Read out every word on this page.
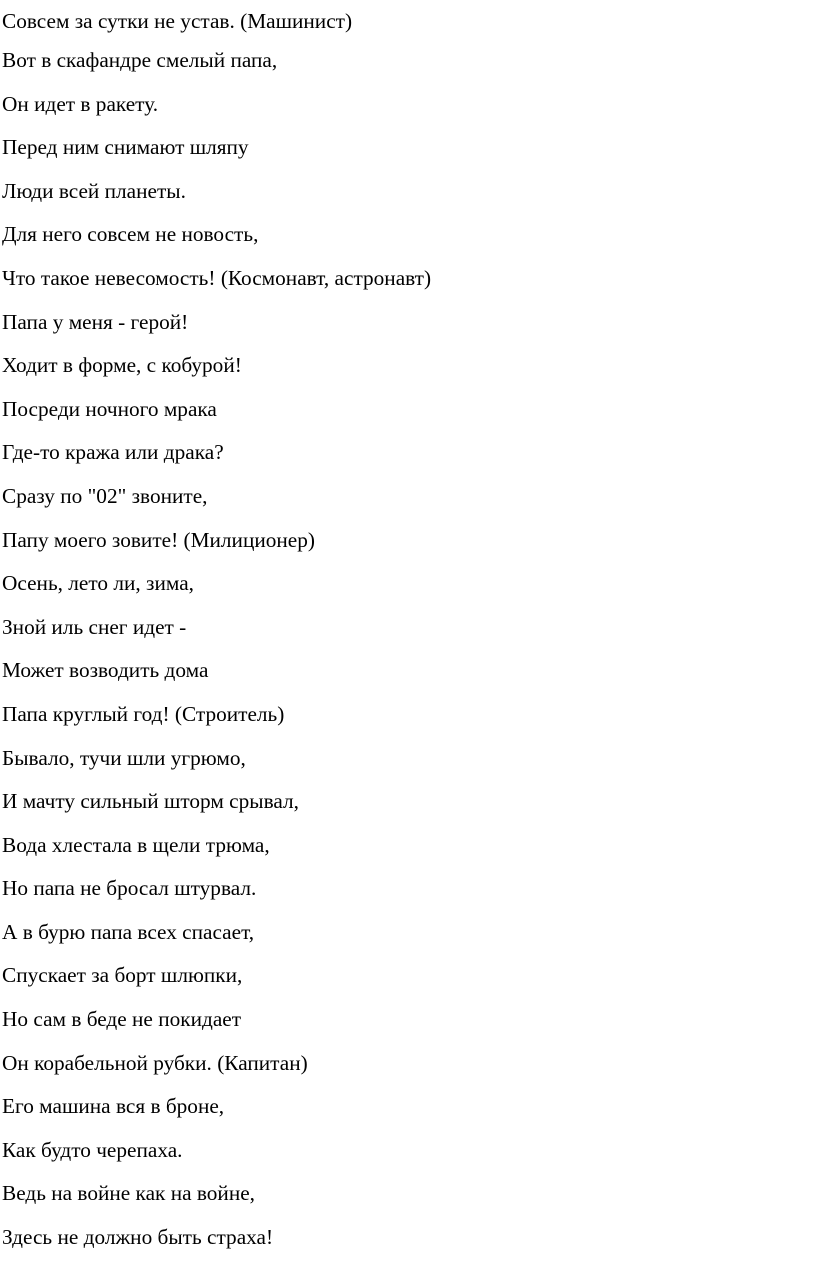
Совсем за сутки не устав. (Машинист)
Вот в скафандре смелый папа,
Он идет в ракету.
Перед ним снимают шляпу
Люди всей планеты.
Для него совсем не новость,
Что такое невесомость! (Космонавт, астронавт)
Папа у меня - герой!
Ходит в форме, с кобурой!
Посреди ночного мрака
Где-то кража или драка?
Сразу по "02" звоните,
Папу моего зовите! (Милиционер)
Осень, лето ли, зима,
Зной иль снег идет -
Может возводить дома
Папа круглый год! (Строитель)
Бывало, тучи шли угрюмо,
И мачту сильный шторм срывал,
Вода хлестала в щели трюма,
Но папа не бросал штурвал.
А в бурю папа всех спасает,
Спускает за борт шлюпки,
Но сам в беде не покидает
Он корабельной рубки. (Капитан)
Его машина вся в броне,
Как будто черепаха.
Ведь на войне как на войне,
Здесь не должно быть страха!
